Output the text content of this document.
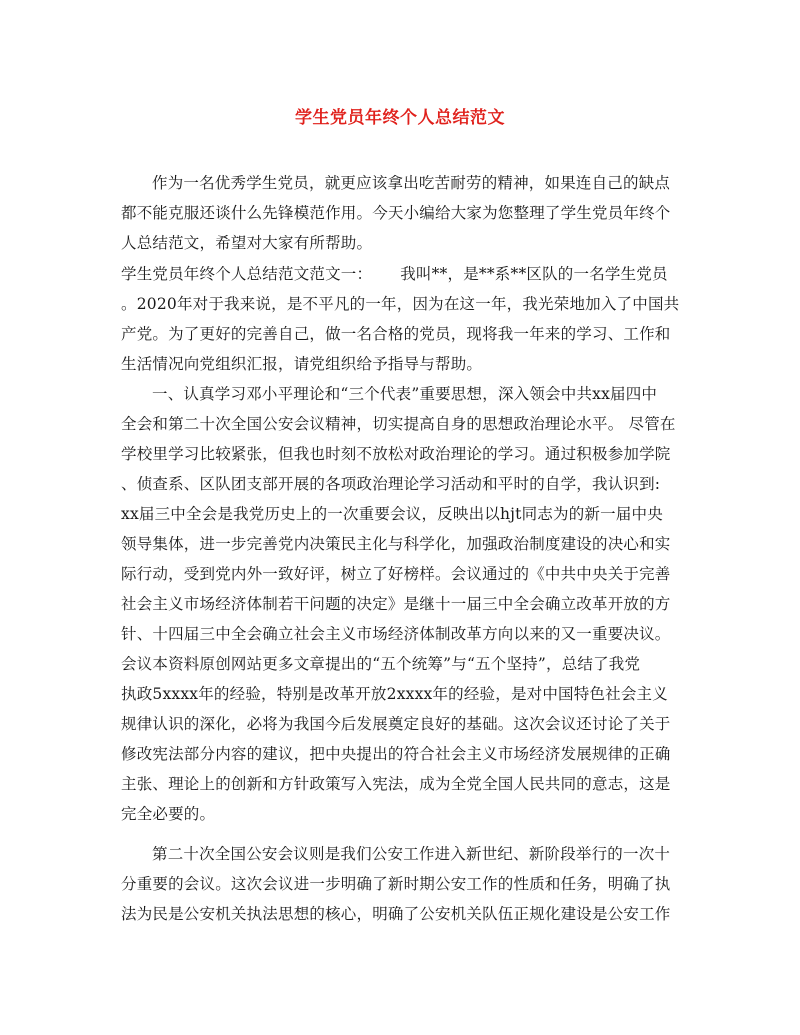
学生党员年终个人总结范文
作为一名优秀学生党员，就更应该拿出吃苦耐劳的精神，如果连自己的缺点
都不能克服还谈什么先锋模范作用。今天小编给大家为您整理了学生党员年终个
人总结范文，希望对大家有所帮助。
学生党员年终个人总结范文范文一： 我叫**，是**系**区队的一名学生党员
。2020年对于我来说，是不平凡的一年，因为在这一年，我光荣地加入了中国共
产党。为了更好的完善自己，做一名合格的党员，现将我一年来的学习、工作和
生活情况向党组织汇报，请党组织给予指导与帮助。
一、认真学习邓小平理论和“三个代表”重要思想，深入领会中共xx届四中
全会和第二十次全国公安会议精神，切实提高自身的思想政治理论水平。 尽管在
学校里学习比较紧张，但我也时刻不放松对政治理论的学习。通过积极参加学院
、侦查系、区队团支部开展的各项政治理论学习活动和平时的自学，我认识到:
xx届三中全会是我党历史上的一次重要会议，反映出以hjt同志为的新一届中央
领导集体，进一步完善党内决策民主化与科学化，加强政治制度建设的决心和实
际行动，受到党内外一致好评，树立了好榜样。会议通过的《中共中央关于完善
社会主义市场经济体制若干问题的决定》是继十一届三中全会确立改革开放的方
针、十四届三中全会确立社会主义市场经济体制改革方向以来的又一重要决议。
会议本资料原创网站更多文章提出的“五个统筹”与“五个坚持”，总结了我党
执政5xxxx年的经验，特别是改革开放2xxxx年的经验，是对中国特色社会主义
规律认识的深化，必将为我国今后发展奠定良好的基础。这次会议还讨论了关于
修改宪法部分内容的建议，把中央提出的符合社会主义市场经济发展规律的正确
主张、理论上的创新和方针政策写入宪法，成为全党全国人民共同的意志，这是
完全必要的。
第二十次全国公安会议则是我们公安工作进入新世纪、新阶段举行的一次十
分重要的会议。这次会议进一步明确了新时期公安工作的性质和任务，明确了执
法为民是公安机关执法思想的核心，明确了公安机关队伍正规化建设是公安工作
